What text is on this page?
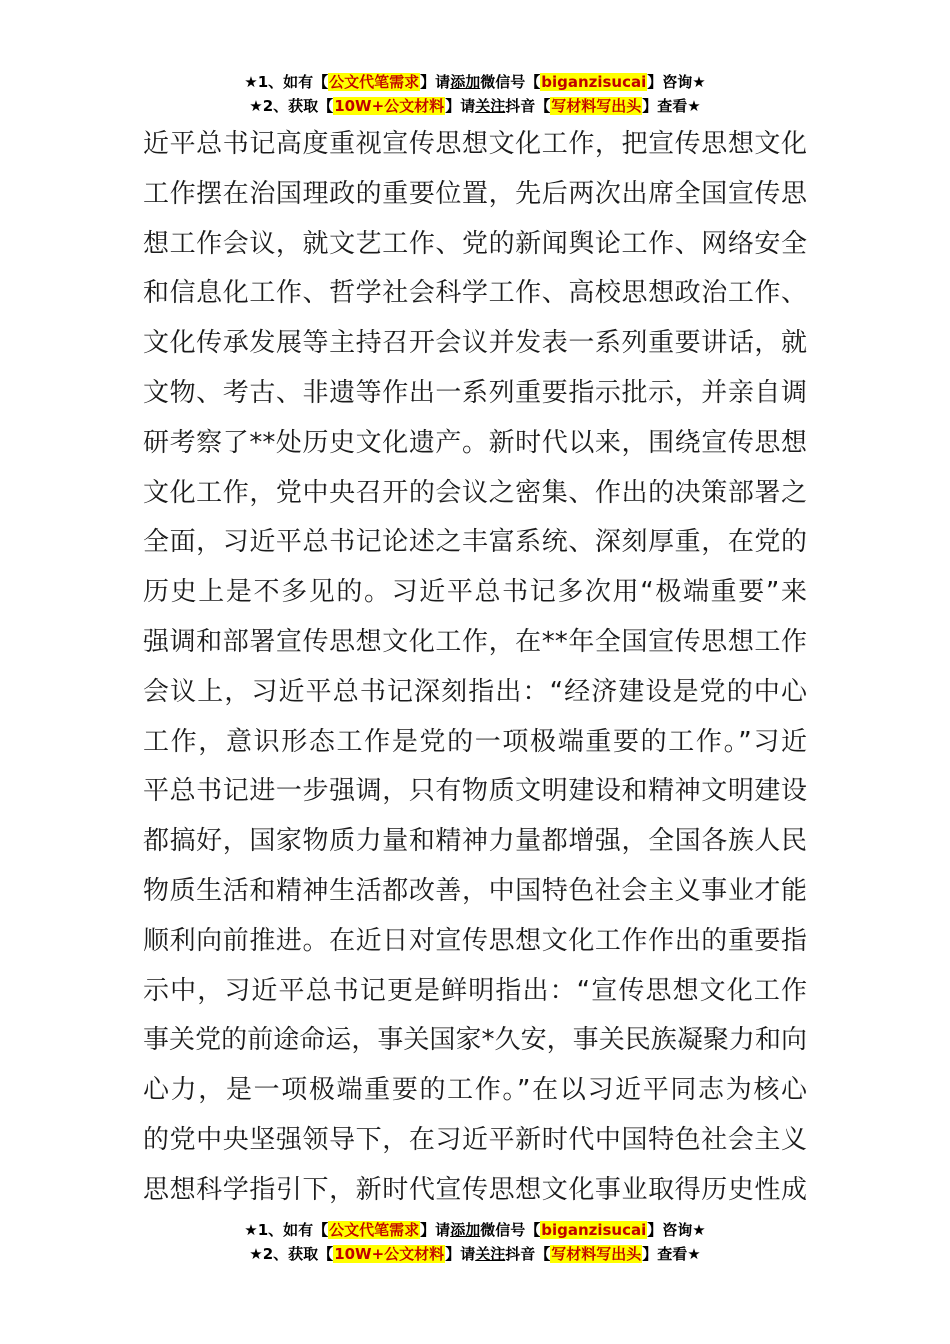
★1、如有【公文代笔需求】请添加微信号【biganzisucai】咨询★
★2、获取【10W+公文材料】请关注抖音【写材料写出头】查看★
近平总书记高度重视宣传思想文化工作，把宣传思想文化
工作摆在治国理政的重要位置，先后两次出席全国宣传思
想工作会议，就文艺工作、党的新闻舆论工作、网络安全
和信息化工作、哲学社会科学工作、高校思想政治工作、
文化传承发展等主持召开会议并发表一系列重要讲话，就
文物、考古、非遗等作出一系列重要指示批示，并亲自调
研考察了**处历史文化遗产。新时代以来，围绕宣传思想
文化工作，党中央召开的会议之密集、作出的决策部署之
全面，习近平总书记论述之丰富系统、深刻厚重，在党的
历史上是不多见的。习近平总书记多次用“极端重要”来
强调和部署宣传思想文化工作，在**年全国宣传思想工作
会议上，习近平总书记深刻指出：“经济建设是党的中心
工作，意识形态工作是党的一项极端重要的工作。”习近
平总书记进一步强调，只有物质文明建设和精神文明建设
都搞好，国家物质力量和精神力量都增强，全国各族人民
物质生活和精神生活都改善，中国特色社会主义事业才能
顺利向前推进。在近日对宣传思想文化工作作出的重要指
示中，习近平总书记更是鲜明指出：“宣传思想文化工作
事关党的前途命运，事关国家*久安，事关民族凝聚力和向
心力，是一项极端重要的工作。”在以习近平同志为核心
的党中央坚强领导下，在习近平新时代中国特色社会主义
思想科学指引下，新时代宣传思想文化事业取得历史性成
★1、如有【公文代笔需求】请添加微信号【biganzisucai】咨询★
★2、获取【10W+公文材料】请关注抖音【写材料写出头】查看★
